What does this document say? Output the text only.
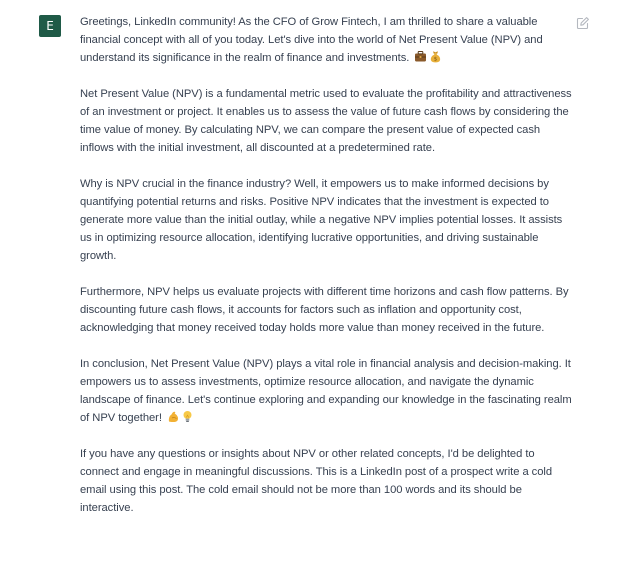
E	Greetings, LinkedIn community! As the CFO of Grow Fintech, I am thrilled to share a valuable financial concept with all of you today. Let's dive into the world of Net Present Value (NPV) and understand its significance in the realm of finance and investments.	$

Net Present Value (NPV) is a fundamental metric used to evaluate the profitability and attractiveness of an investment or project. It enables us to assess the value of future cash flows by considering the time value of money. By calculating NPV, we can compare the present value of expected cash inflows with the initial investment, all discounted at a predetermined rate.

Why is NPV crucial in the finance industry? Well, it empowers us to make informed decisions by quantifying potential returns and risks. Positive NPV indicates that the investment is expected to generate more value than the initial outlay, while a negative NPV implies potential losses. It assists us in optimizing resource allocation, identifying lucrative opportunities, and driving sustainable growth.

Furthermore, NPV helps us evaluate projects with different time horizons and cash flow patterns. By discounting future cash flows, it accounts for factors such as inflation and opportunity cost, acknowledging that money received today holds more value than money received in the future.

In conclusion, Net Present Value (NPV) plays a vital role in financial analysis and decision-making. It empowers us to assess investments, optimize resource allocation, and navigate the dynamic landscape of finance. Let's continue exploring and expanding our knowledge in the fascinating realm of NPV together!

If you have any questions or insights about NPV or other related concepts, I'd be delighted to connect and engage in meaningful discussions. This is a LinkedIn post of a prospect write a cold email using this post. The cold email should not be more than 100 words and its should be interactive.
